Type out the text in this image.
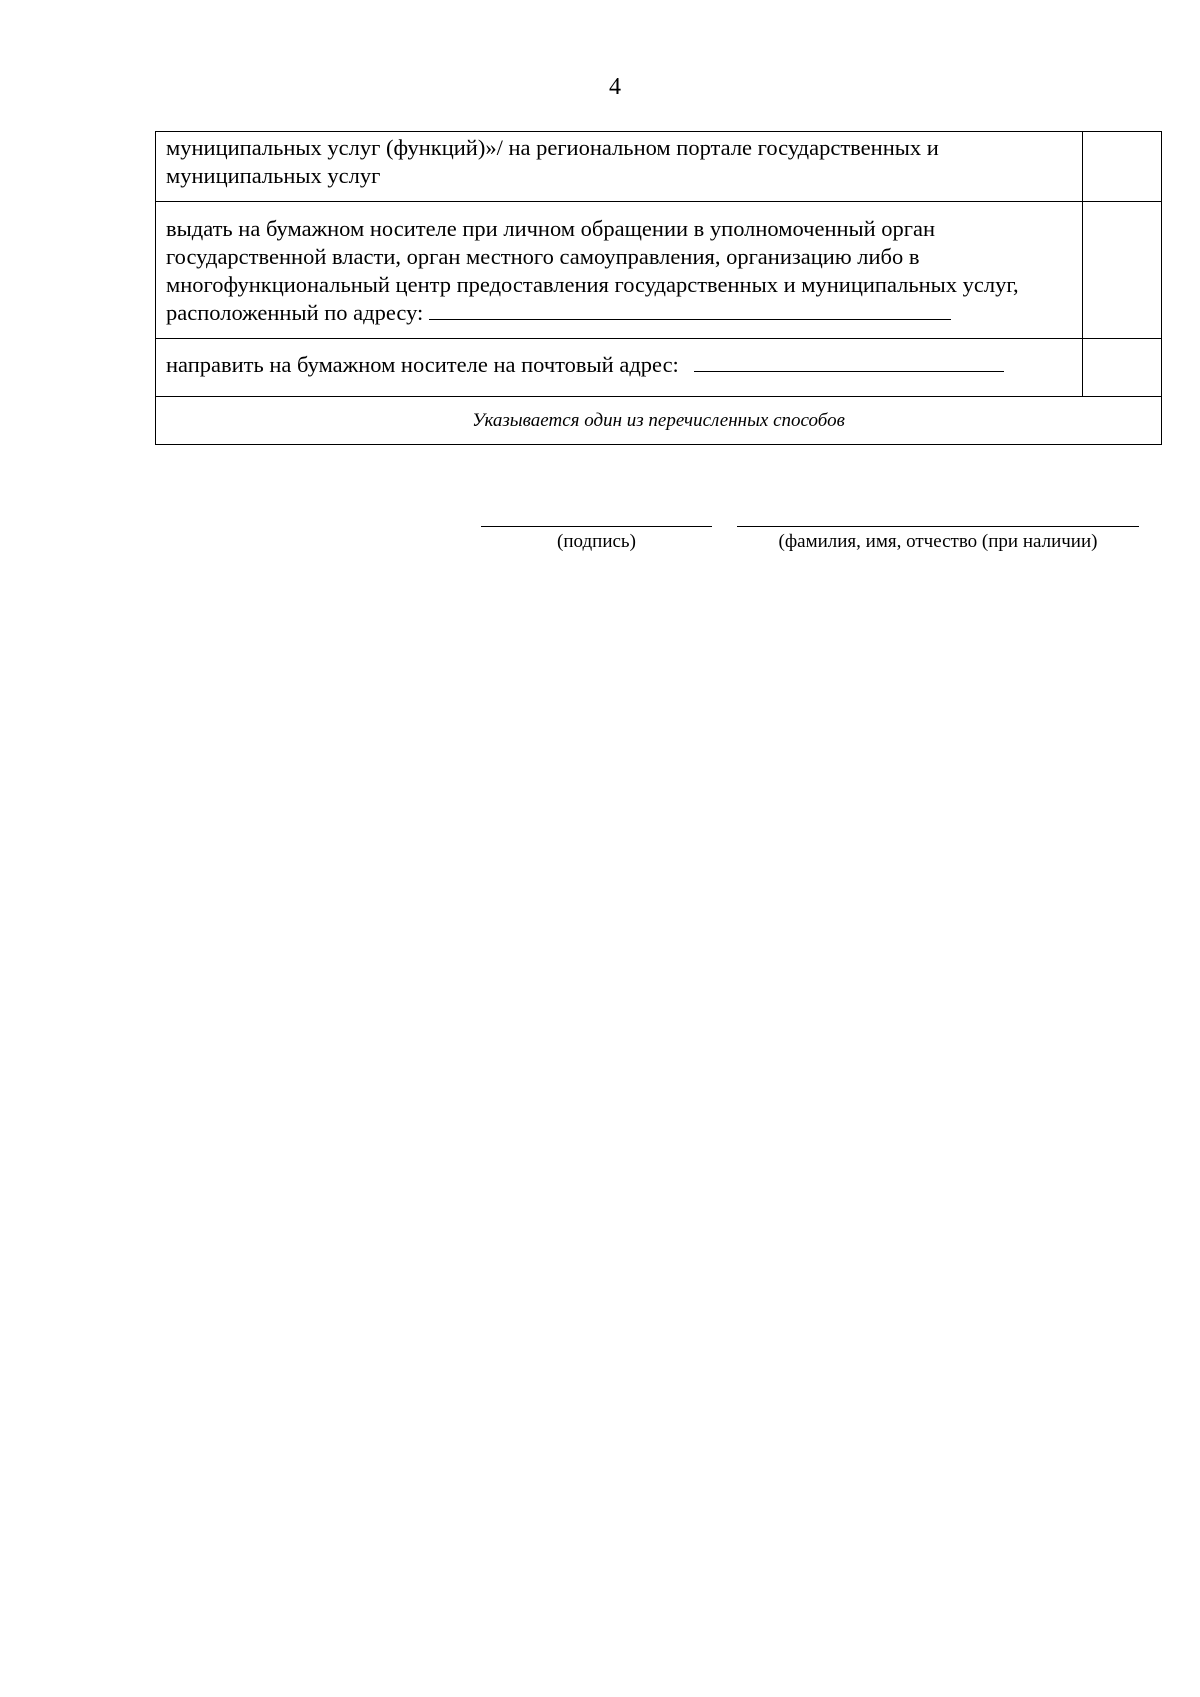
4
муниципальных услуг (функций)»/ на региональном портале государственных и муниципальных услуг	
выдать на бумажном носителе при личном обращении в уполномоченный орган государственной власти, орган местного самоуправления, организацию либо в многофункциональный центр предоставления государственных и муниципальных услуг, расположенный по адресу:	
направить на бумажном носителе на почтовый адрес:	
Указывается один из перечисленных способов	
(подпись)	(фамилия, имя, отчество (при наличии)
